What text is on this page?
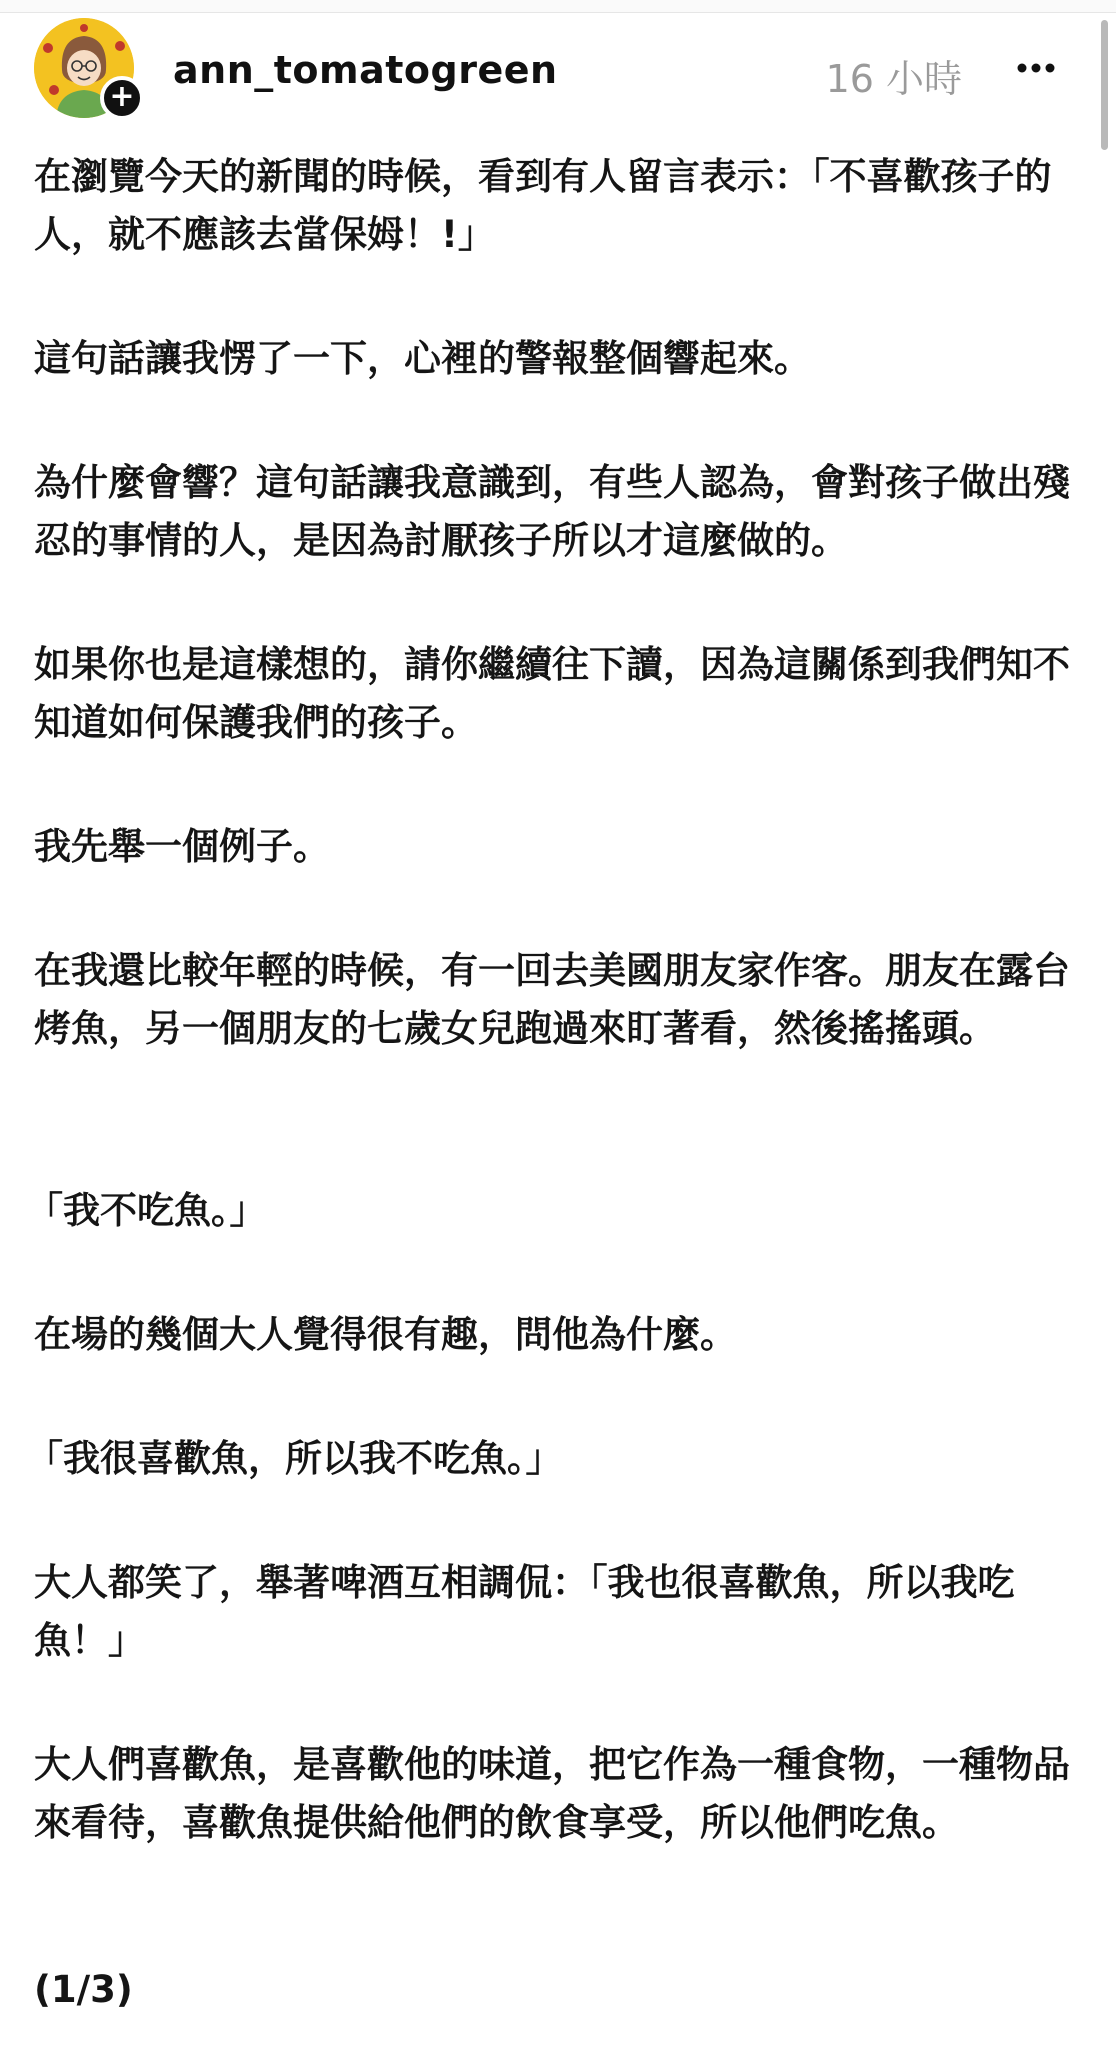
+
ann_tomatogreen	16 小時

在瀏覽今天的新聞的時候，看到有人留言表示：「不喜歡孩子的人，就不應該去當保姆！!」

這句話讓我愣了一下，心裡的警報整個響起來。

為什麼會響？這句話讓我意識到，有些人認為，會對孩子做出殘忍的事情的人，是因為討厭孩子所以才這麼做的。

如果你也是這樣想的，請你繼續往下讀，因為這關係到我們知不知道如何保護我們的孩子。

我先舉一個例子。

在我還比較年輕的時候，有一回去美國朋友家作客。朋友在露台烤魚，另一個朋友的七歲女兒跑過來盯著看，然後搖搖頭。

「我不吃魚。」

在場的幾個大人覺得很有趣，問他為什麼。

「我很喜歡魚，所以我不吃魚。」

大人都笑了，舉著啤酒互相調侃：「我也很喜歡魚，所以我吃魚！」

大人們喜歡魚，是喜歡他的味道，把它作為一種食物，一種物品來看待，喜歡魚提供給他們的飲食享受，所以他們吃魚。

(1/3)
